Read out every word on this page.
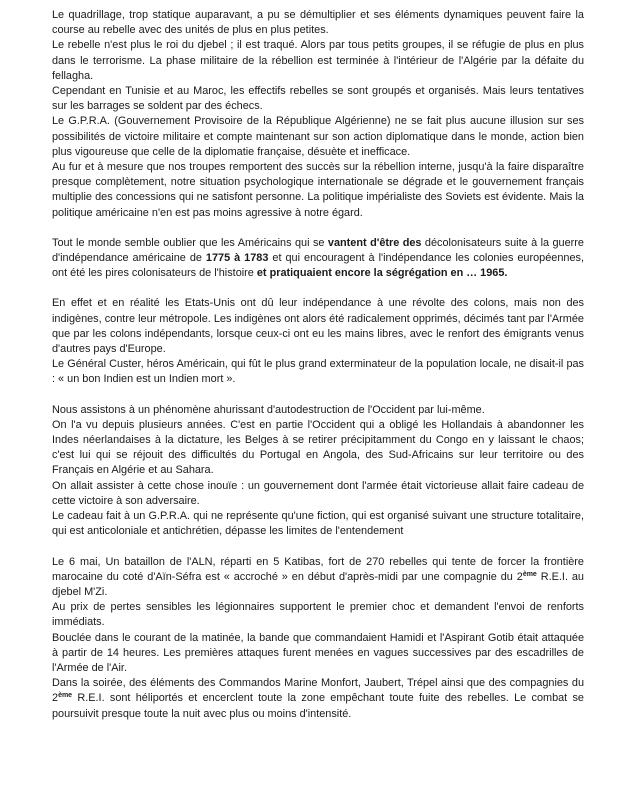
Le quadrillage, trop statique auparavant, a pu se démultiplier et ses éléments dynamiques peuvent faire la course au rebelle avec des unités de plus en plus petites.

Le rebelle n'est plus le roi du djebel ; il est traqué. Alors par tous petits groupes, il se réfugie de plus en plus dans le terrorisme. La phase militaire de la rébellion est terminée à l'intérieur de l'Algérie par la défaite du fellagha.

Cependant en Tunisie et au Maroc, les effectifs rebelles se sont groupés et organisés. Mais leurs tentatives sur les barrages se soldent par des échecs.

Le G.P.R.A. (Gouvernement Provisoire de la République Algérienne) ne se fait plus aucune illusion sur ses possibilités de victoire militaire et compte maintenant sur son action diplomatique dans le monde, action bien plus vigoureuse que celle de la diplomatie française, désuète et inefficace.

Au fur et à mesure que nos troupes remportent des succès sur la rébellion interne, jusqu'à la faire disparaître presque complètement, notre situation psychologique internationale se dégrade et le gouvernement français multiplie des concessions qui ne satisfont personne. La politique impérialiste des Soviets est évidente. Mais la politique américaine n'en est pas moins agressive à notre égard.

Tout le monde semble oublier que les Américains qui se vantent d'être des décolonisateurs suite à la guerre d'indépendance américaine de 1775 à 1783 et qui encouragent à l'indépendance les colonies européennes, ont été les pires colonisateurs de l'histoire et pratiquaient encore la ségrégation en … 1965.

En effet et en réalité les Etats-Unis ont dû leur indépendance à une révolte des colons, mais non des indigènes, contre leur métropole. Les indigènes ont alors été radicalement opprimés, décimés tant par l'Armée que par les colons indépendants, lorsque ceux-ci ont eu les mains libres, avec le renfort des émigrants venus d'autres pays d'Europe.

Le Général Custer, héros Américain, qui fût le plus grand exterminateur de la population locale, ne disait-il pas : « un bon Indien est un Indien mort ».

Nous assistons à un phénomène ahurissant d'autodestruction de l'Occident par lui-même.

On l'a vu depuis plusieurs années. C'est en partie l'Occident qui a obligé les Hollandais à abandonner les Indes néerlandaises à la dictature, les Belges à se retirer précipitamment du Congo en y laissant le chaos; c'est lui qui se réjouit des difficultés du Portugal en Angola, des Sud-Africains sur leur territoire ou des Français en Algérie et au Sahara.

On allait assister à cette chose inouïe : un gouvernement dont l'armée était victorieuse allait faire cadeau de cette victoire à son adversaire.

Le cadeau fait à un G.P.R.A. qui ne représente qu'une fiction, qui est organisé suivant une structure totalitaire, qui est anticoloniale et antichrétien, dépasse les limites de l'entendement

Le 6 mai, Un bataillon de l'ALN, réparti en 5 Katibas, fort de 270 rebelles qui tente de forcer la frontière marocaine du coté d'Aïn-Séfra est « accroché » en début d'après-midi par une compagnie du 2ème R.E.I. au djebel M'Zi.

Au prix de pertes sensibles les légionnaires supportent le premier choc et demandent l'envoi de renforts immédiats.

Bouclée dans le courant de la matinée, la bande que commandaient Hamidi et l'Aspirant Gotib était attaquée à partir de 14 heures. Les premières attaques furent menées en vagues successives par des escadrilles de l'Armée de l'Air.

Dans la soirée, des éléments des Commandos Marine Monfort, Jaubert, Trépel ainsi que des compagnies du 2ème R.E.I. sont héliportés et encerclent toute la zone empêchant toute fuite des rebelles. Le combat se poursuivit presque toute la nuit avec plus ou moins d'intensité.
